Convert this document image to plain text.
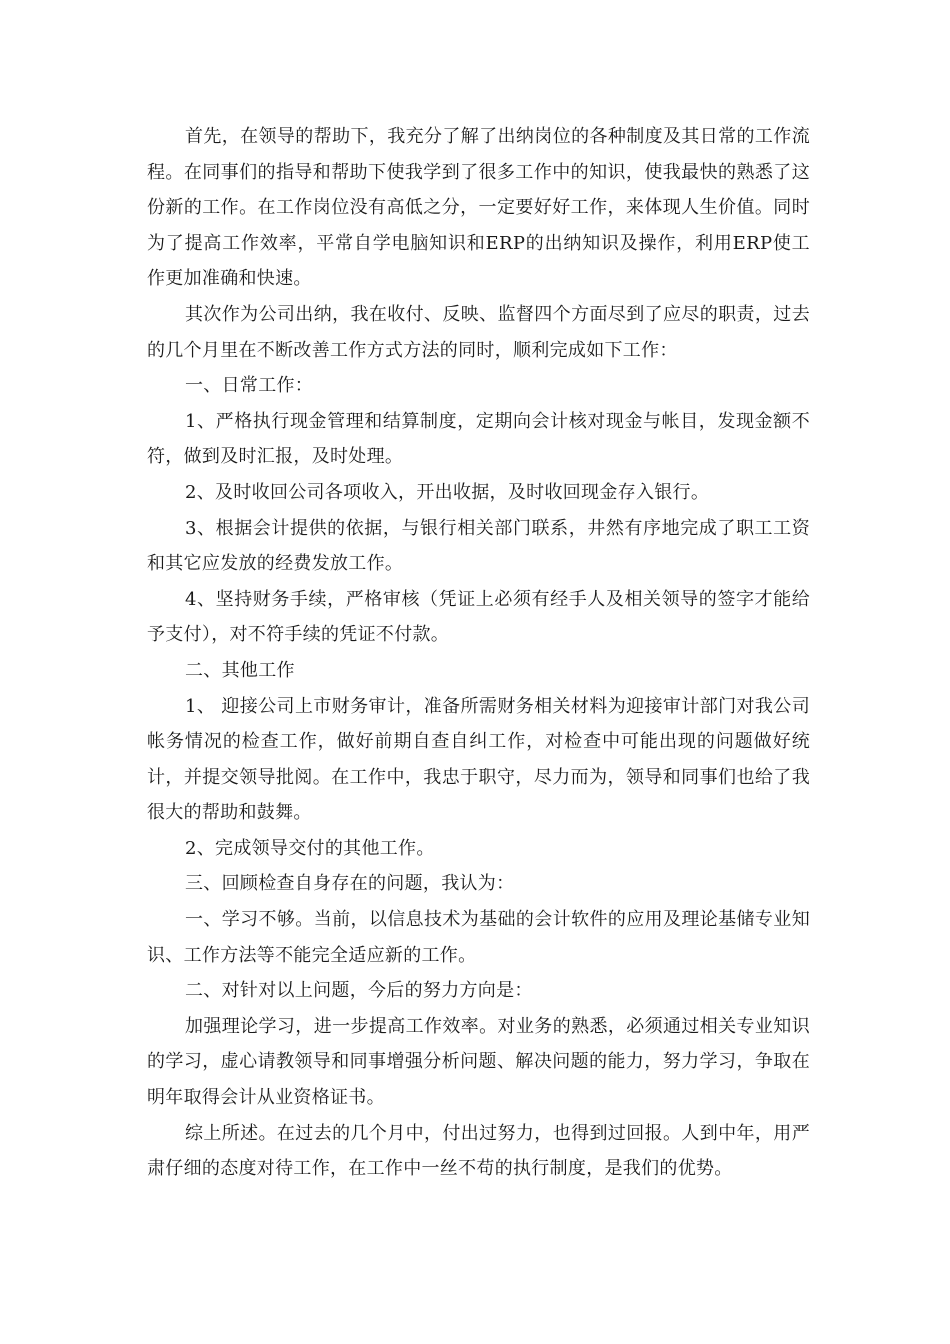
首先，在领导的帮助下，我充分了解了出纳岗位的各种制度及其日常的工作流程。在同事们的指导和帮助下使我学到了很多工作中的知识，使我最快的熟悉了这份新的工作。在工作岗位没有高低之分，一定要好好工作，来体现人生价值。同时为了提高工作效率，平常自学电脑知识和ERP的出纳知识及操作，利用ERP使工作更加准确和快速。

其次作为公司出纳，我在收付、反映、监督四个方面尽到了应尽的职责，过去的几个月里在不断改善工作方式方法的同时，顺利完成如下工作：

一、日常工作：

1、严格执行现金管理和结算制度，定期向会计核对现金与帐目，发现金额不符，做到及时汇报，及时处理。

2、及时收回公司各项收入，开出收据，及时收回现金存入银行。

3、根据会计提供的依据，与银行相关部门联系，井然有序地完成了职工工资和其它应发放的经费发放工作。

4、坚持财务手续，严格审核（凭证上必须有经手人及相关领导的签字才能给予支付），对不符手续的凭证不付款。

二、其他工作

1、 迎接公司上市财务审计，准备所需财务相关材料为迎接审计部门对我公司帐务情况的检查工作，做好前期自查自纠工作，对检查中可能出现的问题做好统计，并提交领导批阅。在工作中，我忠于职守，尽力而为，领导和同事们也给了我很大的帮助和鼓舞。

2、完成领导交付的其他工作。

三、回顾检查自身存在的问题，我认为：

一、学习不够。当前，以信息技术为基础的会计软件的应用及理论基储专业知识、工作方法等不能完全适应新的工作。

二、对针对以上问题，今后的努力方向是：

加强理论学习，进一步提高工作效率。对业务的熟悉，必须通过相关专业知识的学习，虚心请教领导和同事增强分析问题、解决问题的能力，努力学习，争取在明年取得会计从业资格证书。

综上所述。在过去的几个月中，付出过努力，也得到过回报。人到中年，用严肃仔细的态度对待工作，在工作中一丝不苟的执行制度，是我们的优势。
